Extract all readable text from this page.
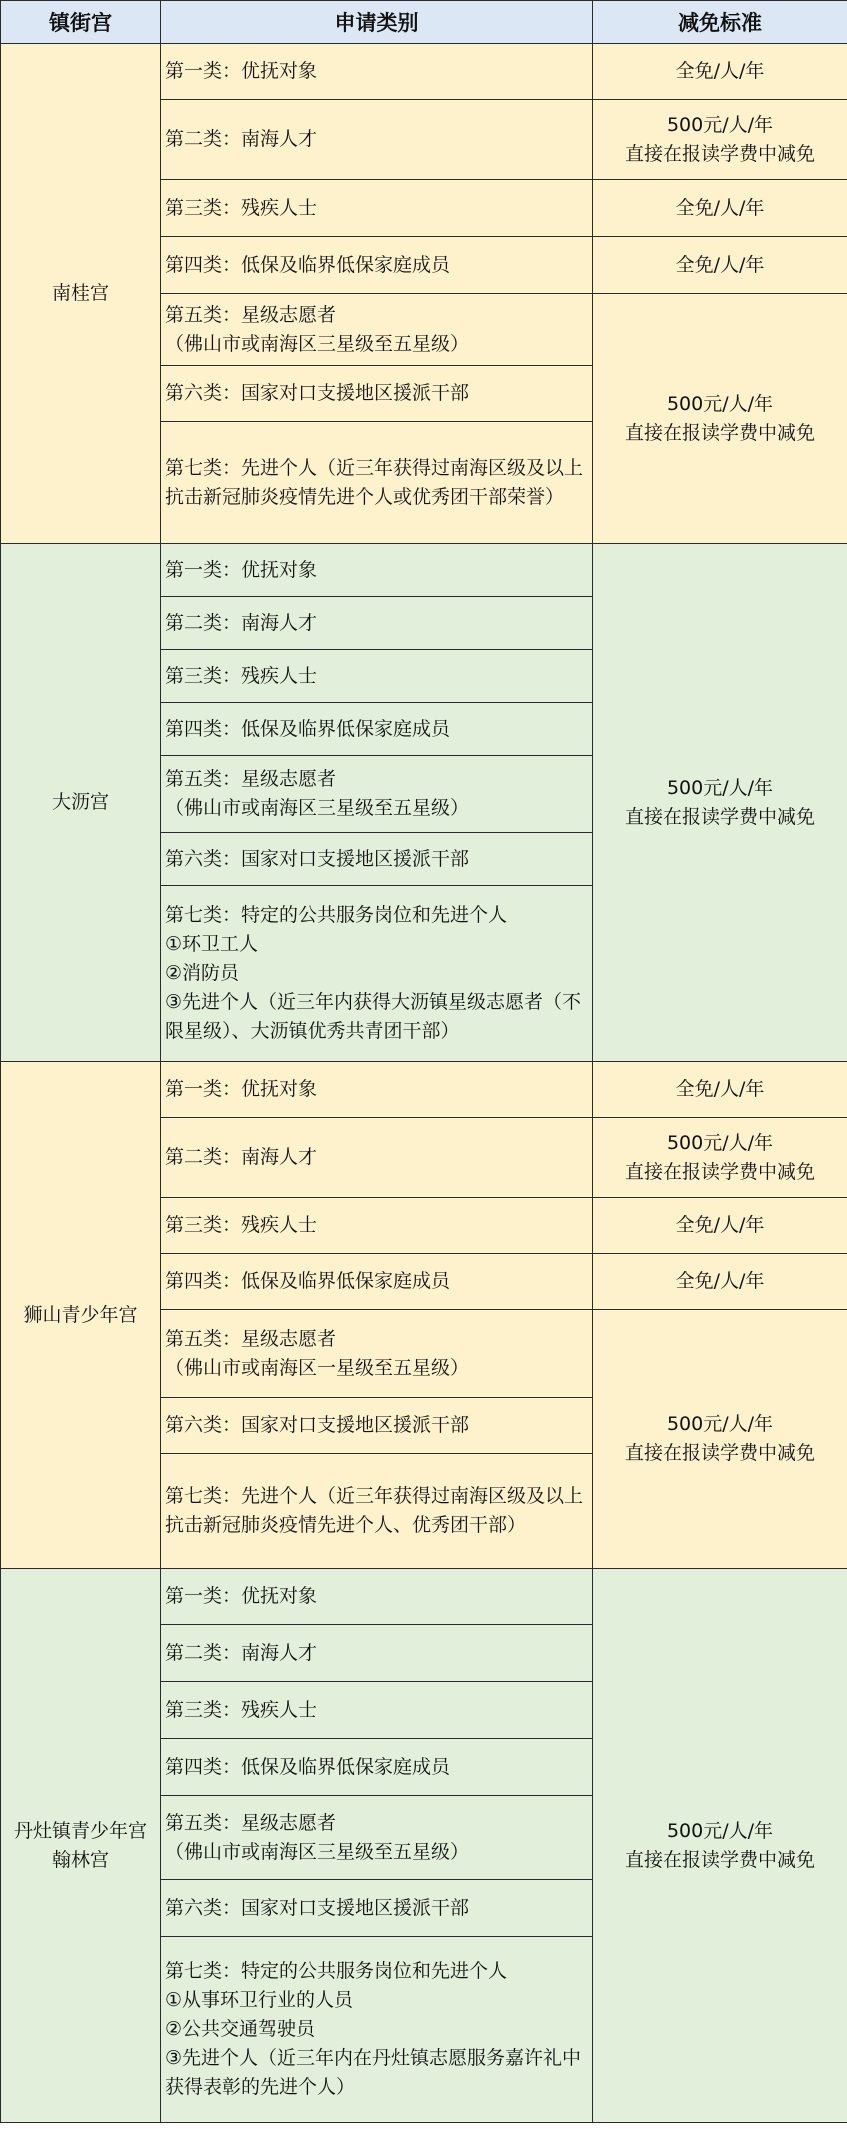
镇街宫	申请类别	减免标准

南桂宫	第一类：优抚对象	全免/人/年

	第二类：南海人才	500元/人/年
直接在报读学费中减免

	第三类：残疾人士	全免/人/年

	第四类：低保及临界低保家庭成员	全免/人/年

	第五类：星级志愿者
（佛山市或南海区三星级至五星级）	500元/人/年
直接在报读学费中减免

	第六类：国家对口支援地区援派干部	

	第七类：先进个人（近三年获得过南海区级及以上抗击新冠肺炎疫情先进个人或优秀团干部荣誉）	

大沥宫	第一类：优抚对象	500元/人/年
直接在报读学费中减免

	第二类：南海人才	

	第三类：残疾人士	

	第四类：低保及临界低保家庭成员	

	第五类：星级志愿者
（佛山市或南海区三星级至五星级）	

	第六类：国家对口支援地区援派干部	

	第七类：特定的公共服务岗位和先进个人
①环卫工人
②消防员
③先进个人（近三年内获得大沥镇星级志愿者（不限星级）、大沥镇优秀共青团干部）	

狮山青少年宫	第一类：优抚对象	全免/人/年

	第二类：南海人才	500元/人/年
直接在报读学费中减免

	第三类：残疾人士	全免/人/年

	第四类：低保及临界低保家庭成员	全免/人/年

	第五类：星级志愿者
（佛山市或南海区一星级至五星级）	500元/人/年
直接在报读学费中减免

	第六类：国家对口支援地区援派干部	

	第七类：先进个人（近三年获得过南海区级及以上抗击新冠肺炎疫情先进个人、优秀团干部）	

丹灶镇青少年宫
翰林宫	第一类：优抚对象	500元/人/年
直接在报读学费中减免

	第二类：南海人才	

	第三类：残疾人士	

	第四类：低保及临界低保家庭成员	

	第五类：星级志愿者
（佛山市或南海区三星级至五星级）	

	第六类：国家对口支援地区援派干部	

	第七类：特定的公共服务岗位和先进个人
①从事环卫行业的人员
②公共交通驾驶员
③先进个人（近三年内在丹灶镇志愿服务嘉许礼中获得表彰的先进个人）	
